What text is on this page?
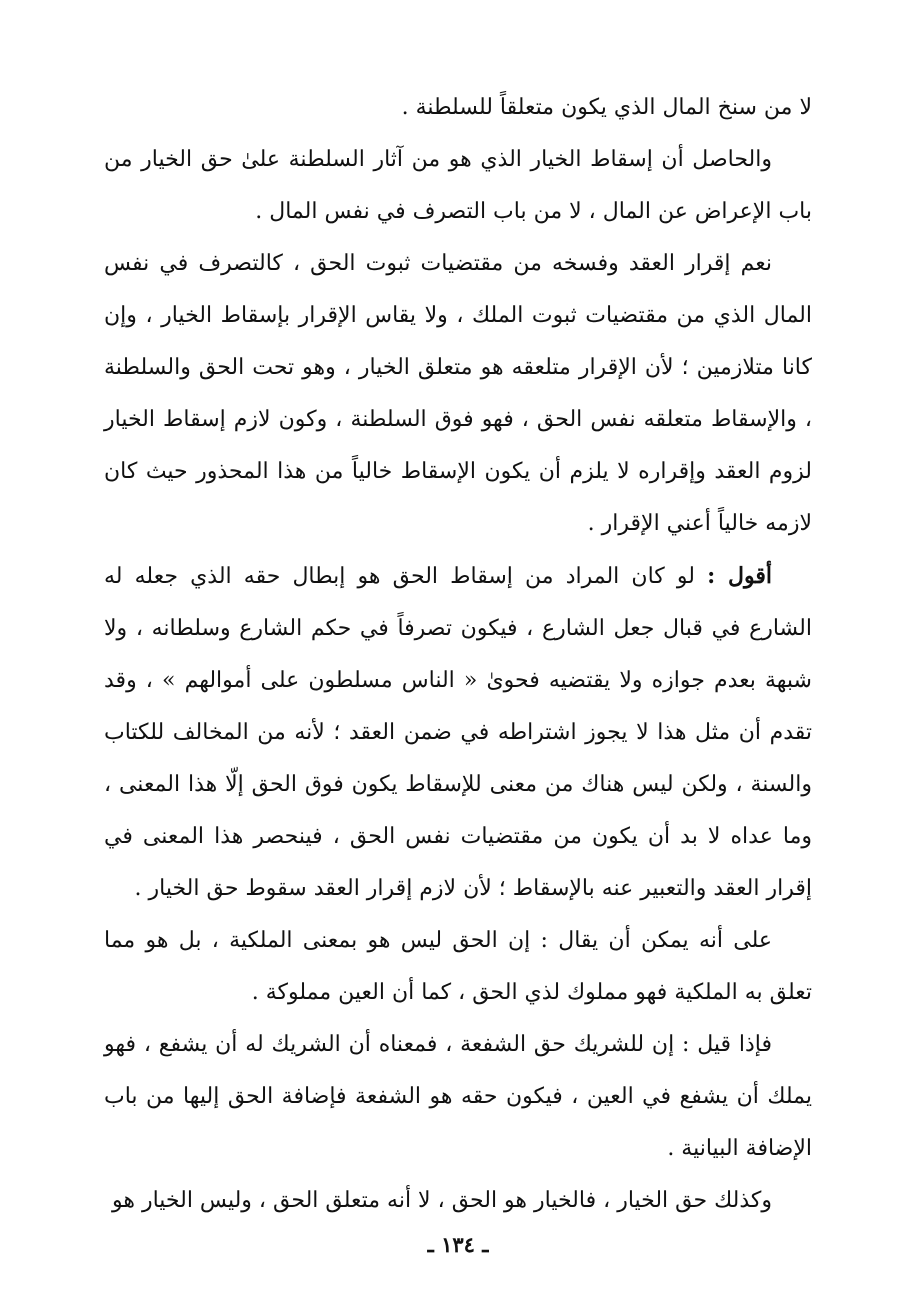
لا من سنخ المال الذي يكون متعلقاً للسلطنة .

والحاصل أن إسقاط الخيار الذي هو من آثار السلطنة علىٰ حق الخيار من باب الإعراض عن المال ، لا من باب التصرف في نفس المال .

نعم إقرار العقد وفسخه من مقتضيات ثبوت الحق ، كالتصرف في نفس المال الذي من مقتضيات ثبوت الملك ، ولا يقاس الإقرار بإسقاط الخيار ، وإن كانا متلازمين ؛ لأن الإقرار متلعقه هو متعلق الخيار ، وهو تحت الحق والسلطنة ، والإسقاط متعلقه نفس الحق ، فهو فوق السلطنة ، وكون لازم إسقاط الخيار لزوم العقد وإقراره لا يلزم أن يكون الإسقاط خالياً من هذا المحذور حيث كان لازمه خالياً أعني الإقرار .

أقول : لو كان المراد من إسقاط الحق هو إبطال حقه الذي جعله له الشارع في قبال جعل الشارع ، فيكون تصرفاً في حكم الشارع وسلطانه ، ولا شبهة بعدم جوازه ولا يقتضيه فحوىٰ « الناس مسلطون على أموالهم » ، وقد تقدم أن مثل هذا لا يجوز اشتراطه في ضمن العقد ؛ لأنه من المخالف للكتاب والسنة ، ولكن ليس هناك من معنى للإسقاط يكون فوق الحق إلّا هذا المعنى ، وما عداه لا بد أن يكون من مقتضيات نفس الحق ، فينحصر هذا المعنى في إقرار العقد والتعبير عنه بالإسقاط ؛ لأن لازم إقرار العقد سقوط حق الخيار .

على أنه يمكن أن يقال : إن الحق ليس هو بمعنى الملكية ، بل هو مما تعلق به الملكية فهو مملوك لذي الحق ، كما أن العين مملوكة .

فإذا قيل : إن للشريك حق الشفعة ، فمعناه أن الشريك له أن يشفع ، فهو يملك أن يشفع في العين ، فيكون حقه هو الشفعة فإضافة الحق إليها من باب الإضافة البيانية .

وكذلك حق الخيار ، فالخيار هو الحق ، لا أنه متعلق الحق ، وليس الخيار هو

ـ ١٣٤ ـ
